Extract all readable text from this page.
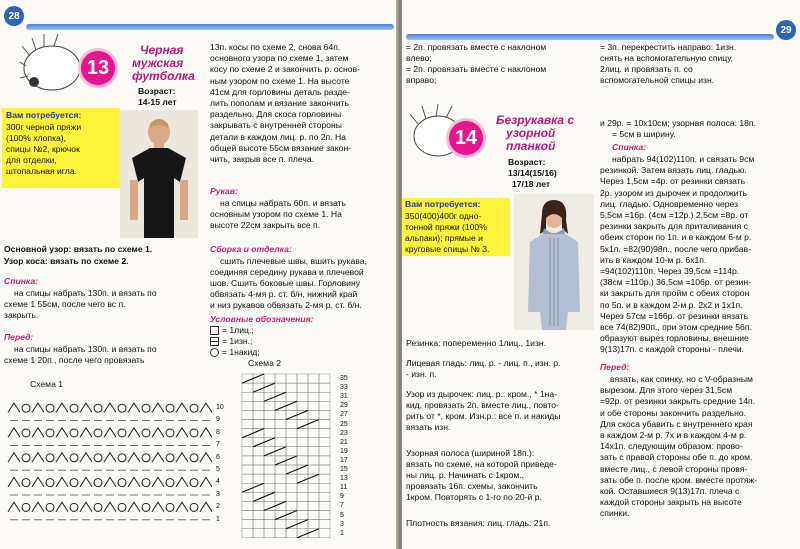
28
13
Черная
мужская
футболка
Возраст:
14-15 лет
Вам потребуется:
300г черной пряжи
(100% хлопка),
спицы №2, крючок
для отделки,
штопальная игла.
Основной узор: вязать по схеме 1.
Узор коса: вязать по схеме 2.
Спинка:
на спицы набрать 130п. и вязать по
схеме 1 55см, после чего вс п.
закрыть.
Перед:
на спицы набрать 130п. и вязать по
схеме 1 20п., после чего провязать
13п. косы по схеме 2, снова 64п.
основного узора по схеме 1, затем
косу по схеме 2 и закончить р. основ-
ным узором по схеме 1. На высоте
41см для горловины деталь разде-
лить пополам и вязание закончить
раздельно. Для скоса горловины
закрывать с внутренней стороны
детали в каждом лиц. р. по 2п. На
общей высоте 55см вязание закон-
чить, закрыв все п. плеча.
Рукав:
на спицы набрать 60п. и вязать
основным узором по схеме 1. На
высоте 22см закрыть все п.
Сборка и отделка:
сшить плечевые швы, вшить рукава,
соединяя середину рукава и плечевой
шов. Сшить боковые швы. Горловину
обвязать 4-мя р. ст. б/н, нижний край
и низ рукавов обвязать 2-мя р. ст. б/н.
Условные обозначения:
= 1лиц.;
= 1изн.;
= 1накид;
Схема 1
10
9
8
7
6
5
4
3
2
1
Схема 2
35
33
31
29
27
25
23
21
19
17
15
13
11
9
7
5
3
1
29
= 2п. провязать вместе с наклоном
влево;
= 2п. провязать вместе с наклоном
вправо;
= 3п. перекрестить направо: 1изн.
снять на вспомогательную спицу,
2лиц. и провязать п. со
вспомогательной спицы изн.
14
Безрукавка с
узорной
планкой
Возраст:
13/14(15/16)
17/18 лет
Вам потребуется:
350(400)400г одно-
тонной пряжи (100%
альпаки); прямые и
круговые спицы № 3.
Резинка: попеременно 1лиц., 1изн.
Лицевая гладь: лиц. р. - лиц. п., изн. р.
- изн. п.
Узор из дырочек: лиц. р.: кром., * 1на-
кид, провязать 2п. вместе лиц., повто-
рить от *, кром. Изн.р.: все п. и накиды
вязать изн.
Узорная полоса (шириной 18п.):
вязать по схеме, на которой приведе-
ны лиц. р. Начинать с 1кром.,
провязать 16п. схемы, закончить
1кром. Повторять с 1-го по 20-й р.
Плотность вязания: лиц. гладь: 21п.
и 29р. = 10х10см; узорная полоса: 18п.
= 5см в ширину.
Спинка:
набрать 94(102)110п. и связать 9см
резинкой. Затем вязать лиц. гладью.
Через 1,5см =4р. от резинки связать
2р. узором из дырочек и продолжить
лиц. гладью. Одновременно через
5,5см =16р. (4см =12р.) 2,5см =8р. от
резинки закрыть для приталивания с
обеих сторон по 1п. и в каждом 6-м р.
5х1п. =82(90)98п., после чего прибав-
ить в каждом 10-м р. 6х1п.
=94(102)110п. Через 39,5см =114р.
(38см =110р.) 36,5см =106р. от резин-
ки закрыть для пройм с обеих сторон
по 5п. и в каждом 2-м р. 2х2 и 1х1п.
Через 57см =166р. от резинки вязать
все 74(82)90п., при этом средние 56п.
образуют вырез горловины, внешние
9(13)17п. с каждой стороны - плечи.
Перед:
вязать, как спинку, но с V-образным
вырезом. Для этого через 31,5см
=92р. от резинки закрыть средние 14п.
и обе стороны закончить раздельно.
Для скоса убавить с внутреннего края
в каждом 2-м р. 7х и в каждом 4-м р.
14х1п. следующим образом: прово-
зать с правой стороны обе п. до кром.
вместе лиц., с левой стороны провя-
зать обе п. после кром. вместе протяж-
кой. Оставшиеся 9(13)17п. плеча с
каждой стороны закрыть на высоте
спинки.
